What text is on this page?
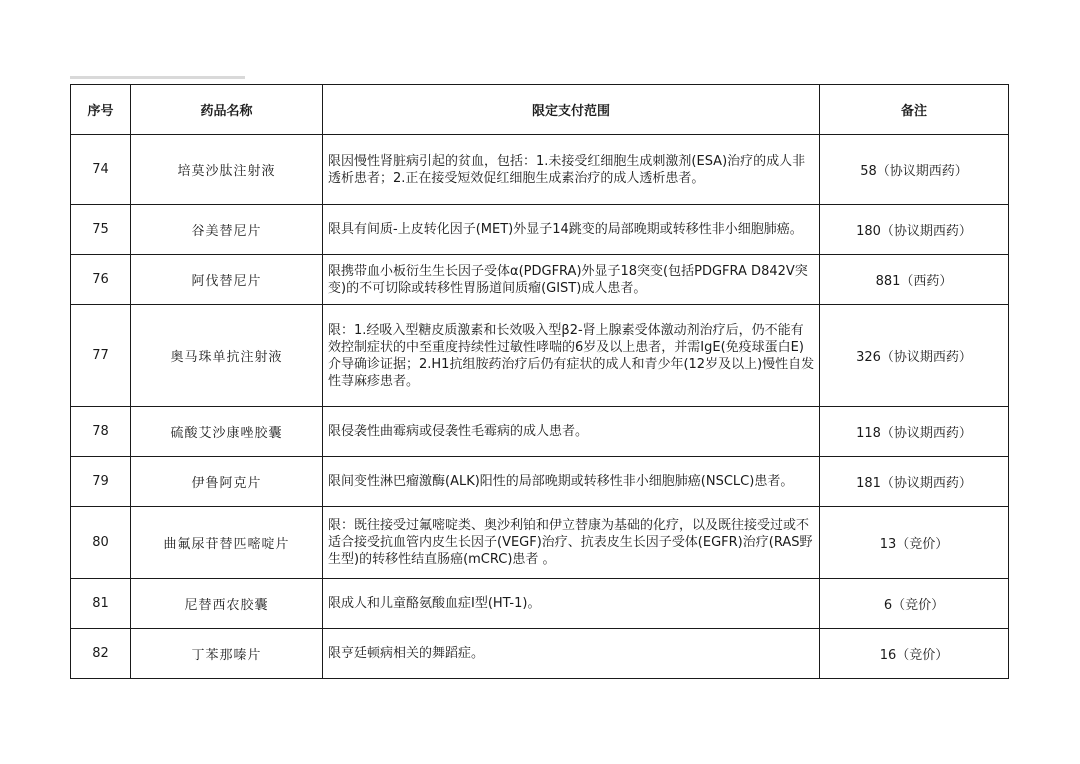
序号	药品名称	限定支付范围	备注
74	培莫沙肽注射液	限因慢性肾脏病引起的贫血，包括：1.未接受红细胞生成刺激剂(ESA)治疗的成人非透析患者；2.正在接受短效促红细胞生成素治疗的成人透析患者。	58（协议期西药）
75	谷美替尼片	限具有间质-上皮转化因子(MET)外显子14跳变的局部晚期或转移性非小细胞肺癌。	180（协议期西药）
76	阿伐替尼片	限携带血小板衍生生长因子受体α(PDGFRA)外显子18突变(包括PDGFRA D842V突变)的不可切除或转移性胃肠道间质瘤(GIST)成人患者。	881（西药）
77	奥马珠单抗注射液	限：1.经吸入型糖皮质激素和长效吸入型β2-肾上腺素受体激动剂治疗后，仍不能有效控制症状的中至重度持续性过敏性哮喘的6岁及以上患者，并需IgE(免疫球蛋白E)介导确诊证据；2.H1抗组胺药治疗后仍有症状的成人和青少年(12岁及以上)慢性自发性荨麻疹患者。	326（协议期西药）
78	硫酸艾沙康唑胶囊	限侵袭性曲霉病或侵袭性毛霉病的成人患者。	118（协议期西药）
79	伊鲁阿克片	限间变性淋巴瘤激酶(ALK)阳性的局部晚期或转移性非小细胞肺癌(NSCLC)患者。	181（协议期西药）
80	曲氟尿苷替匹嘧啶片	限：既往接受过氟嘧啶类、奥沙利铂和伊立替康为基础的化疗，以及既往接受过或不适合接受抗血管内皮生长因子(VEGF)治疗、抗表皮生长因子受体(EGFR)治疗(RAS野生型)的转移性结直肠癌(mCRC)患者 。	13（竞价）
81	尼替西农胶囊	限成人和儿童酪氨酸血症Ⅰ型(HT-1)。	6（竞价）
82	丁苯那嗪片	限亨廷顿病相关的舞蹈症。	16（竞价）
